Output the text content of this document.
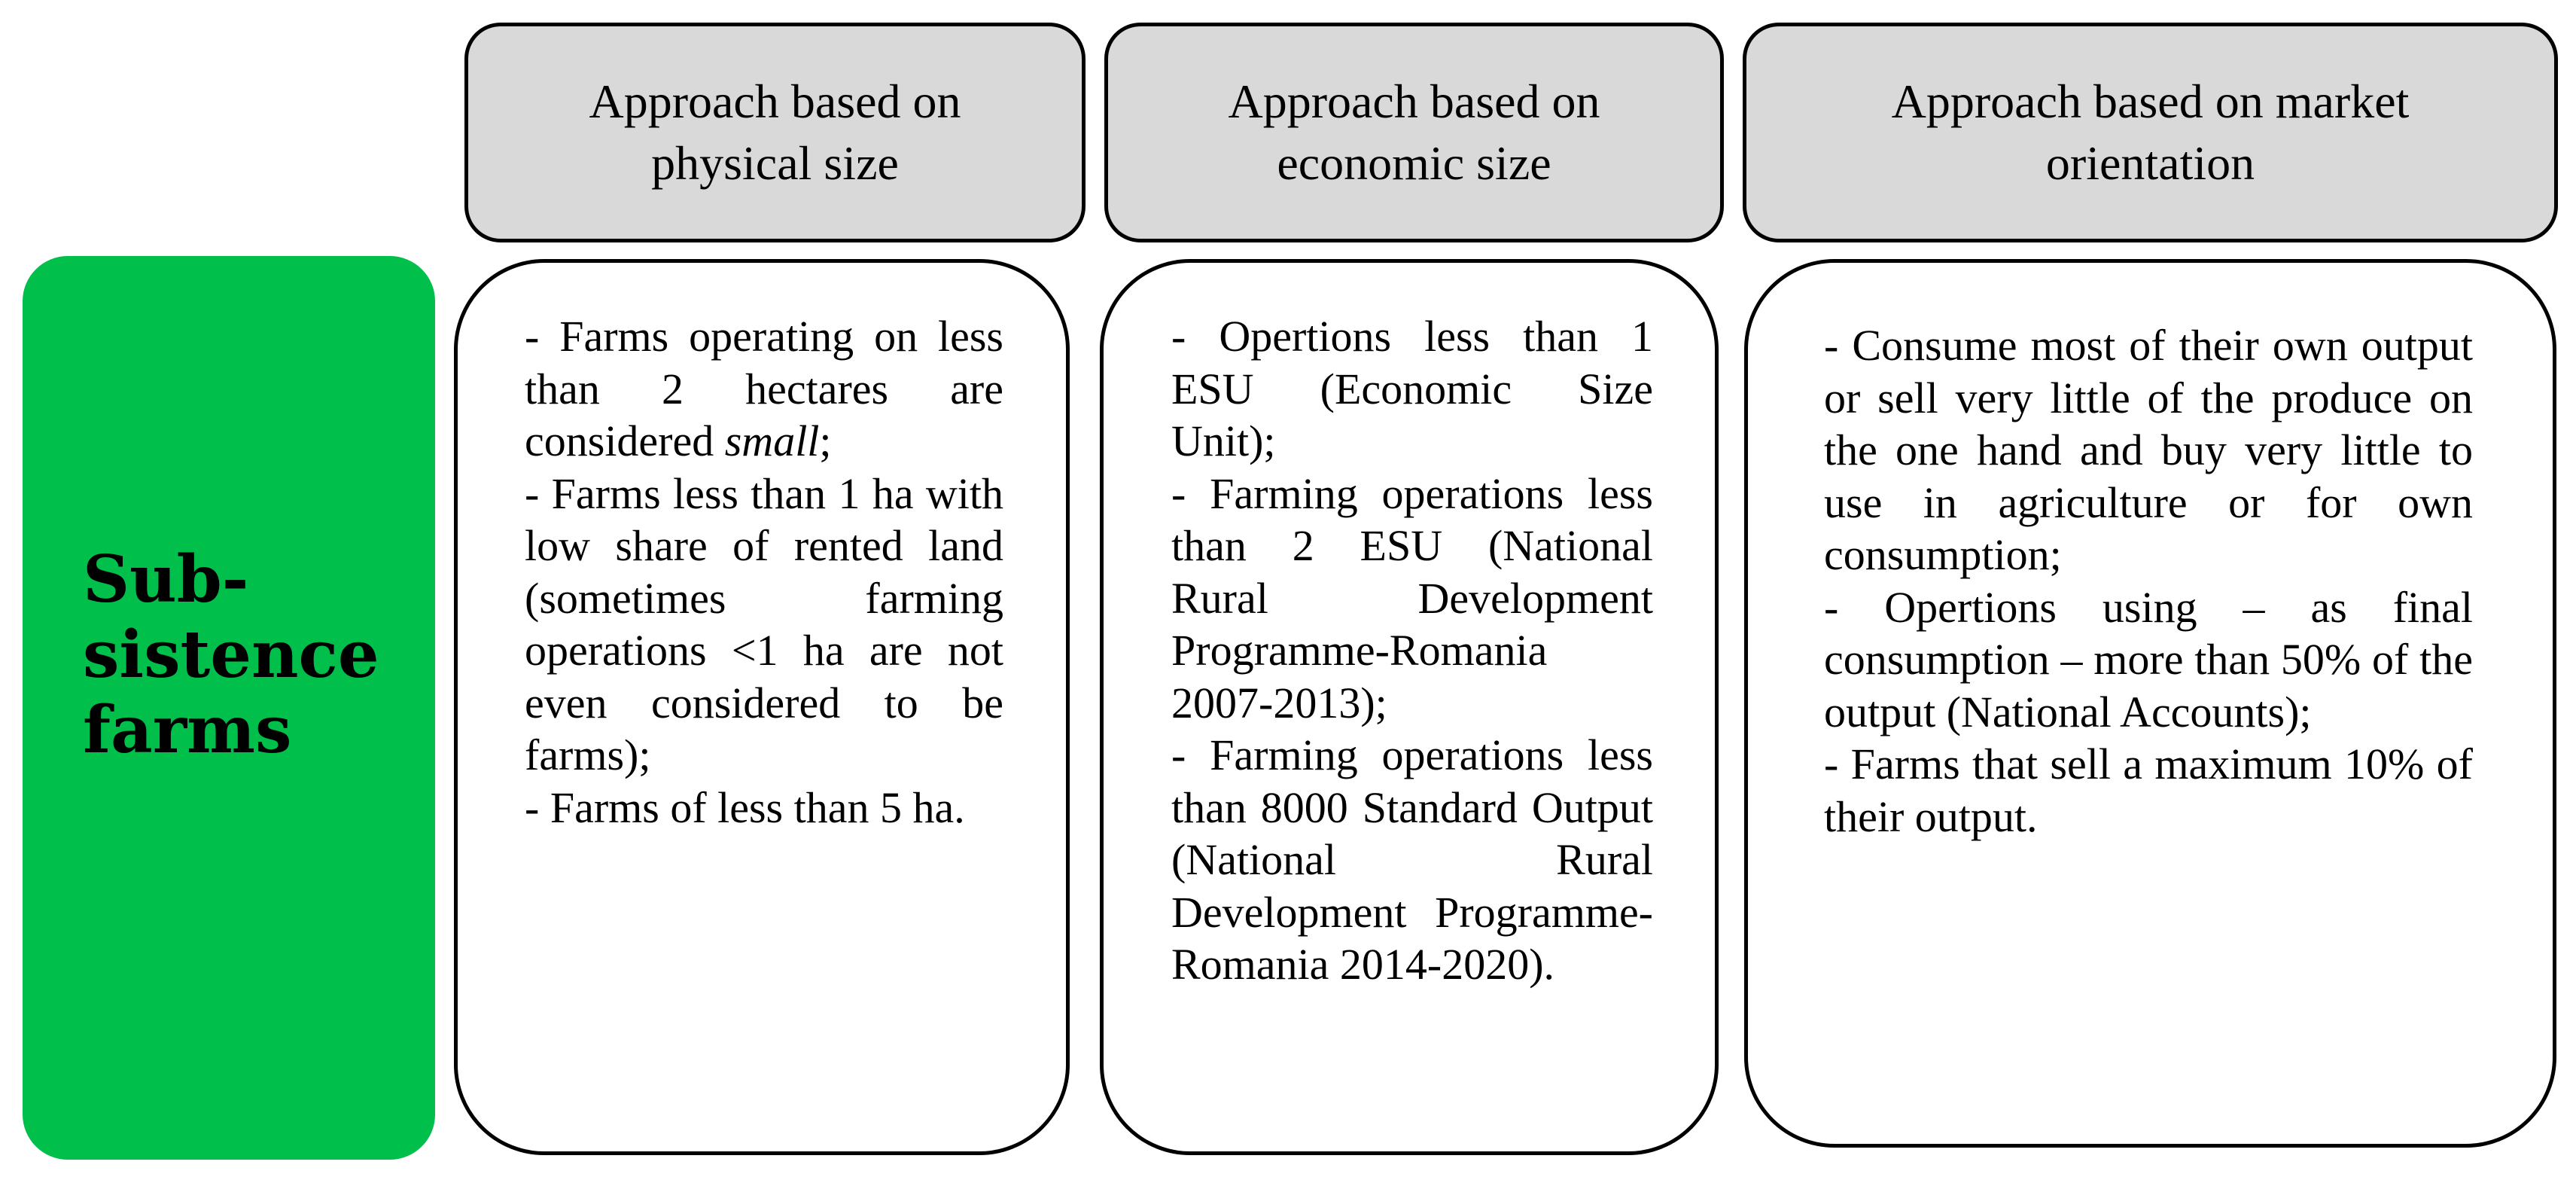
Sub-
sistence
farms
Approach based on
physical size
Approach based on
economic size
Approach based on market
orientation

- Farms operating on less than 2 hectares are considered small;

- Farms less than 1 ha with low share of rented land (sometimes farming operations <1 ha are not even considered to be farms);

- Farms of less than 5 ha.

- Opertions less than 1 ESU (Economic Size Unit);

- Farming operations less than 2 ESU (National Rural Development Programme-Romania 2007-2013);

- Farming operations less than 8000 Standard Output (National Rural Development Programme-Romania 2014-2020).

- Consume most of their own output or sell very little of the produce on the one hand and buy very little to use in agriculture or for own consumption;

- Opertions using – as final consumption – more than 50% of the output (National Accounts);

- Farms that sell a maximum 10% of their output.
